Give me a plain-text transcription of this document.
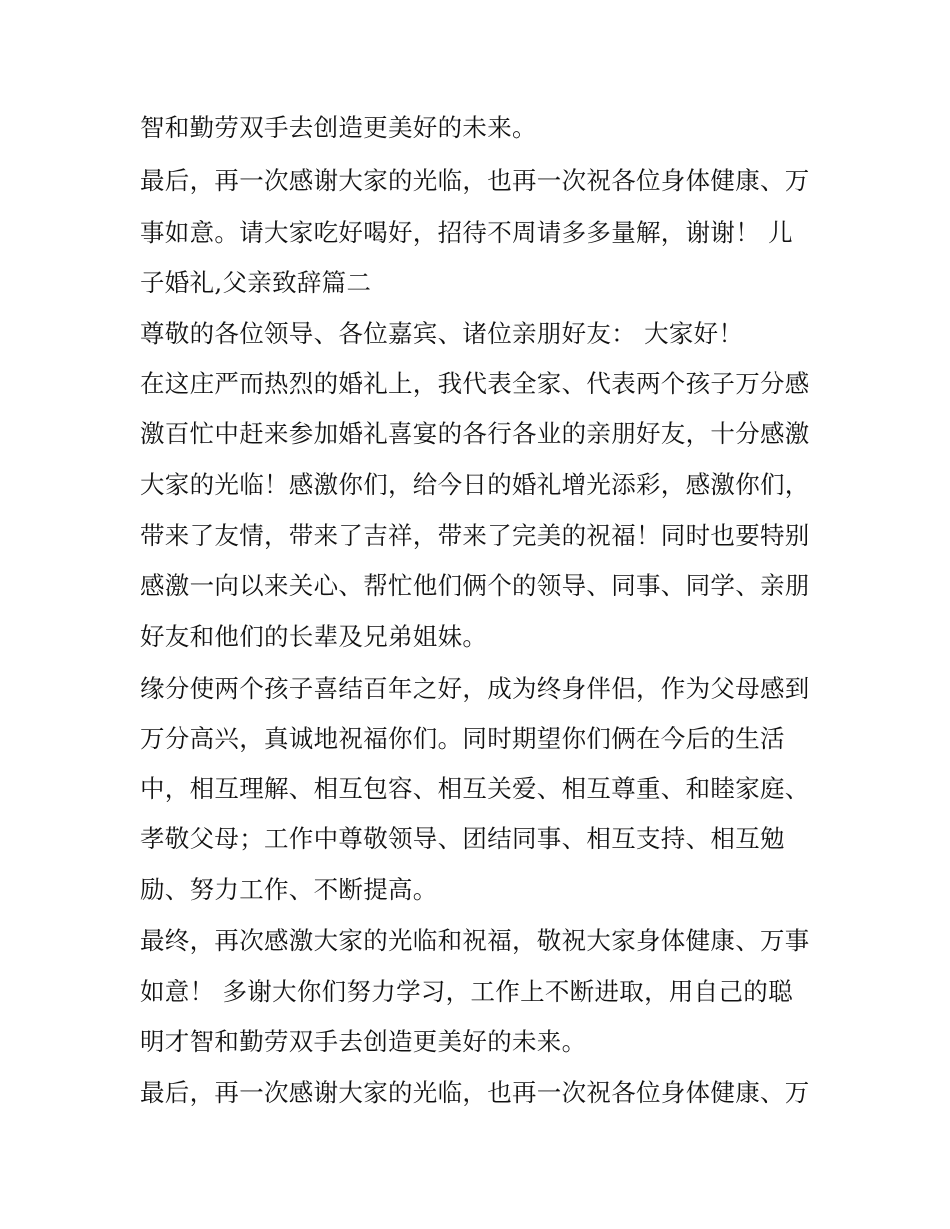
智和勤劳双手去创造更美好的未来。
最后，再一次感谢大家的光临，也再一次祝各位身体健康、万
事如意。请大家吃好喝好，招待不周请多多量解，谢谢！ 儿
子婚礼,父亲致辞篇二
尊敬的各位领导、各位嘉宾、诸位亲朋好友： 大家好！
在这庄严而热烈的婚礼上，我代表全家、代表两个孩子万分感
激百忙中赶来参加婚礼喜宴的各行各业的亲朋好友，十分感激
大家的光临！感激你们，给今日的婚礼增光添彩，感激你们，
带来了友情，带来了吉祥，带来了完美的祝福！同时也要特别
感激一向以来关心、帮忙他们俩个的领导、同事、同学、亲朋
好友和他们的长辈及兄弟姐妹。
缘分使两个孩子喜结百年之好，成为终身伴侣，作为父母感到
万分高兴，真诚地祝福你们。同时期望你们俩在今后的生活
中，相互理解、相互包容、相互关爱、相互尊重、和睦家庭、
孝敬父母；工作中尊敬领导、团结同事、相互支持、相互勉
励、努力工作、不断提高。
最终，再次感激大家的光临和祝福，敬祝大家身体健康、万事
如意！ 多谢大你们努力学习，工作上不断进取，用自己的聪
明才智和勤劳双手去创造更美好的未来。
最后，再一次感谢大家的光临，也再一次祝各位身体健康、万
